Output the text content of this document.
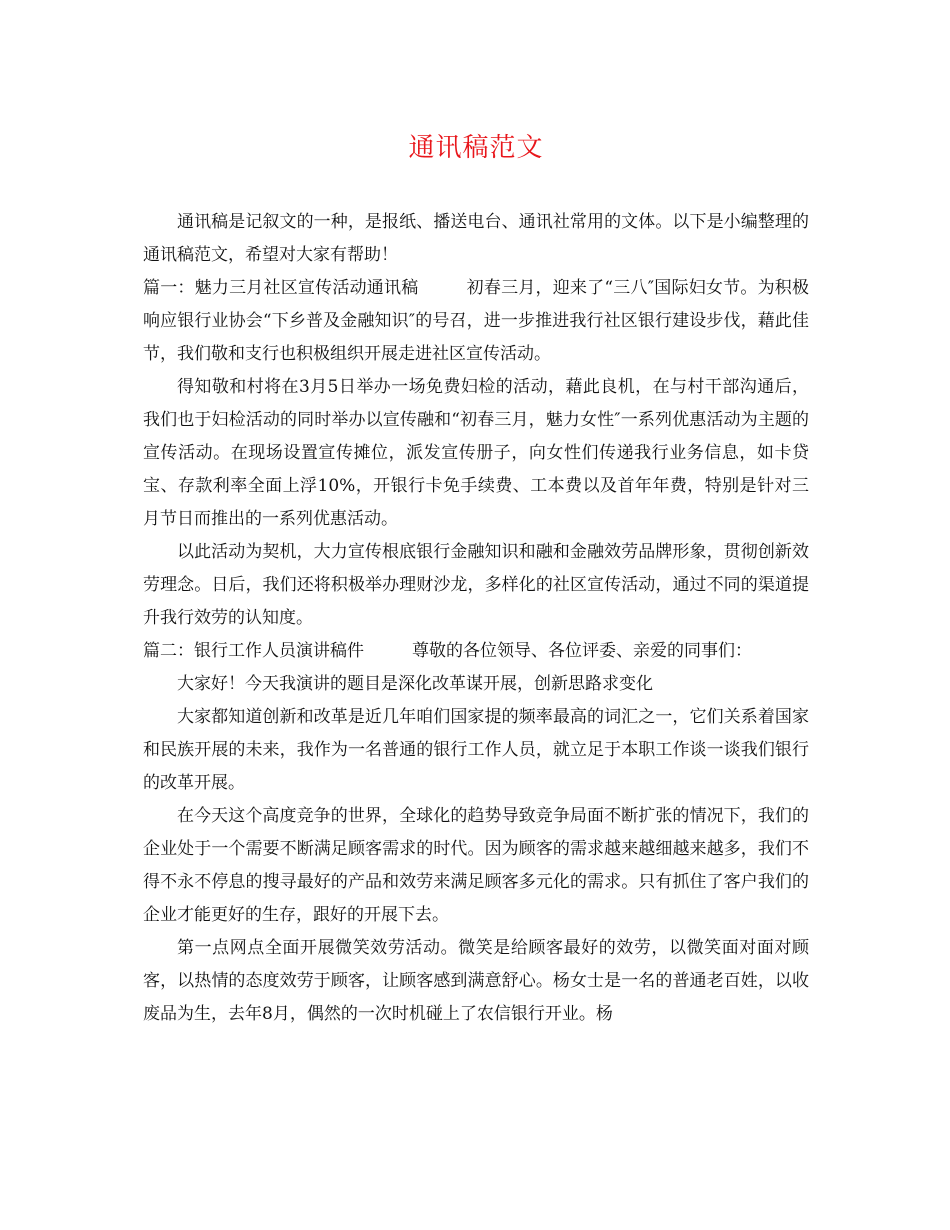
通讯稿范文

通讯稿是记叙文的一种，是报纸、播送电台、通讯社常用的文体。以下是小编整理的通讯稿范文，希望对大家有帮助！

篇一：魅力三月社区宣传活动通讯稿	初春三月，迎来了“三八″国际妇女节。为积极响应银行业协会“下乡普及金融知识″的号召，进一步推进我行社区银行建设步伐，藉此佳节，我们敬和支行也积极组织开展走进社区宣传活动。

得知敬和村将在3月5日举办一场免费妇检的活动，藉此良机，在与村干部沟通后，我们也于妇检活动的同时举办以宣传融和“初春三月，魅力女性″一系列优惠活动为主题的宣传活动。在现场设置宣传摊位，派发宣传册子，向女性们传递我行业务信息，如卡贷宝、存款利率全面上浮10%，开银行卡免手续费、工本费以及首年年费，特别是针对三月节日而推出的一系列优惠活动。

以此活动为契机，大力宣传根底银行金融知识和融和金融效劳品牌形象，贯彻创新效劳理念。日后，我们还将积极举办理财沙龙，多样化的社区宣传活动，通过不同的渠道提升我行效劳的认知度。

篇二：银行工作人员演讲稿件	尊敬的各位领导、各位评委、亲爱的同事们：

大家好！今天我演讲的题目是深化改革谋开展，创新思路求变化

大家都知道创新和改革是近几年咱们国家提的频率最高的词汇之一，它们关系着国家和民族开展的未来，我作为一名普通的银行工作人员，就立足于本职工作谈一谈我们银行的改革开展。

在今天这个高度竞争的世界，全球化的趋势导致竞争局面不断扩张的情况下，我们的企业处于一个需要不断满足顾客需求的时代。因为顾客的需求越来越细越来越多，我们不得不永不停息的搜寻最好的产品和效劳来满足顾客多元化的需求。只有抓住了客户我们的企业才能更好的生存，跟好的开展下去。

第一点网点全面开展微笑效劳活动。微笑是给顾客最好的效劳，以微笑面对面对顾客，以热情的态度效劳于顾客，让顾客感到满意舒心。杨女士是一名的普通老百姓，以收废品为生，去年8月，偶然的一次时机碰上了农信银行开业。杨
